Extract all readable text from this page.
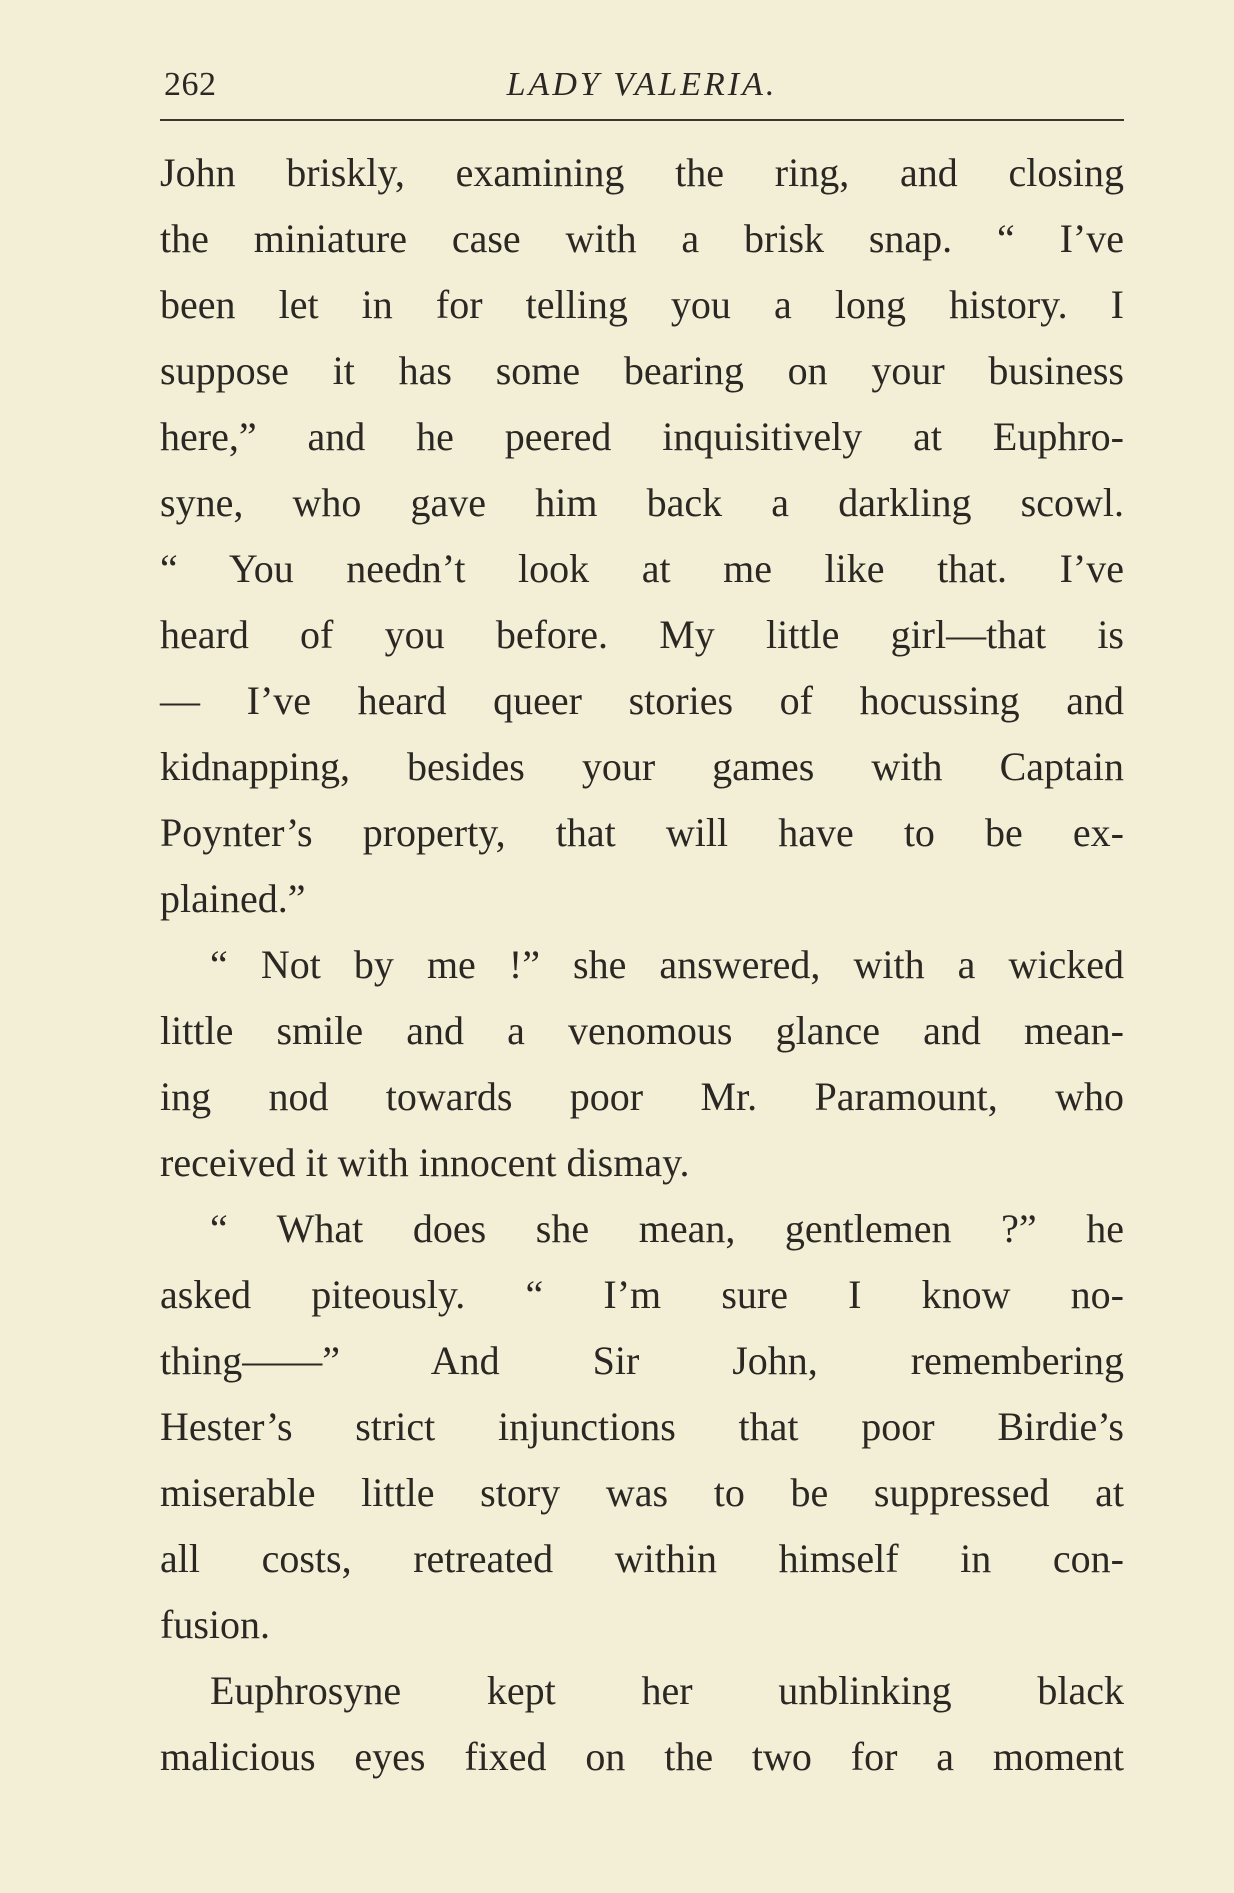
262	LADY VALERIA.
John briskly, examining the ring, and closing
the miniature case with a brisk snap. “ I’ve
been let in for telling you a long history. I
suppose it has some bearing on your business
here,” and he peered inquisitively at Euphro-
syne, who gave him back a darkling scowl.
“ You needn’t look at me like that. I’ve
heard of you before. My little girl—that is
— I’ve heard queer stories of hocussing and
kidnapping, besides your games with Captain
Poynter’s property, that will have to be ex-
plained.”
“ Not by me !” she answered, with a wicked
little smile and a venomous glance and mean-
ing nod towards poor Mr. Paramount, who
received it with innocent dismay.
“ What does she mean, gentlemen ?” he
asked piteously. “ I’m sure I know no-
thing——” And Sir John, remembering
Hester’s strict injunctions that poor Birdie’s
miserable little story was to be suppressed at
all costs, retreated within himself in con-
fusion.
Euphrosyne kept her unblinking black
malicious eyes fixed on the two for a moment
